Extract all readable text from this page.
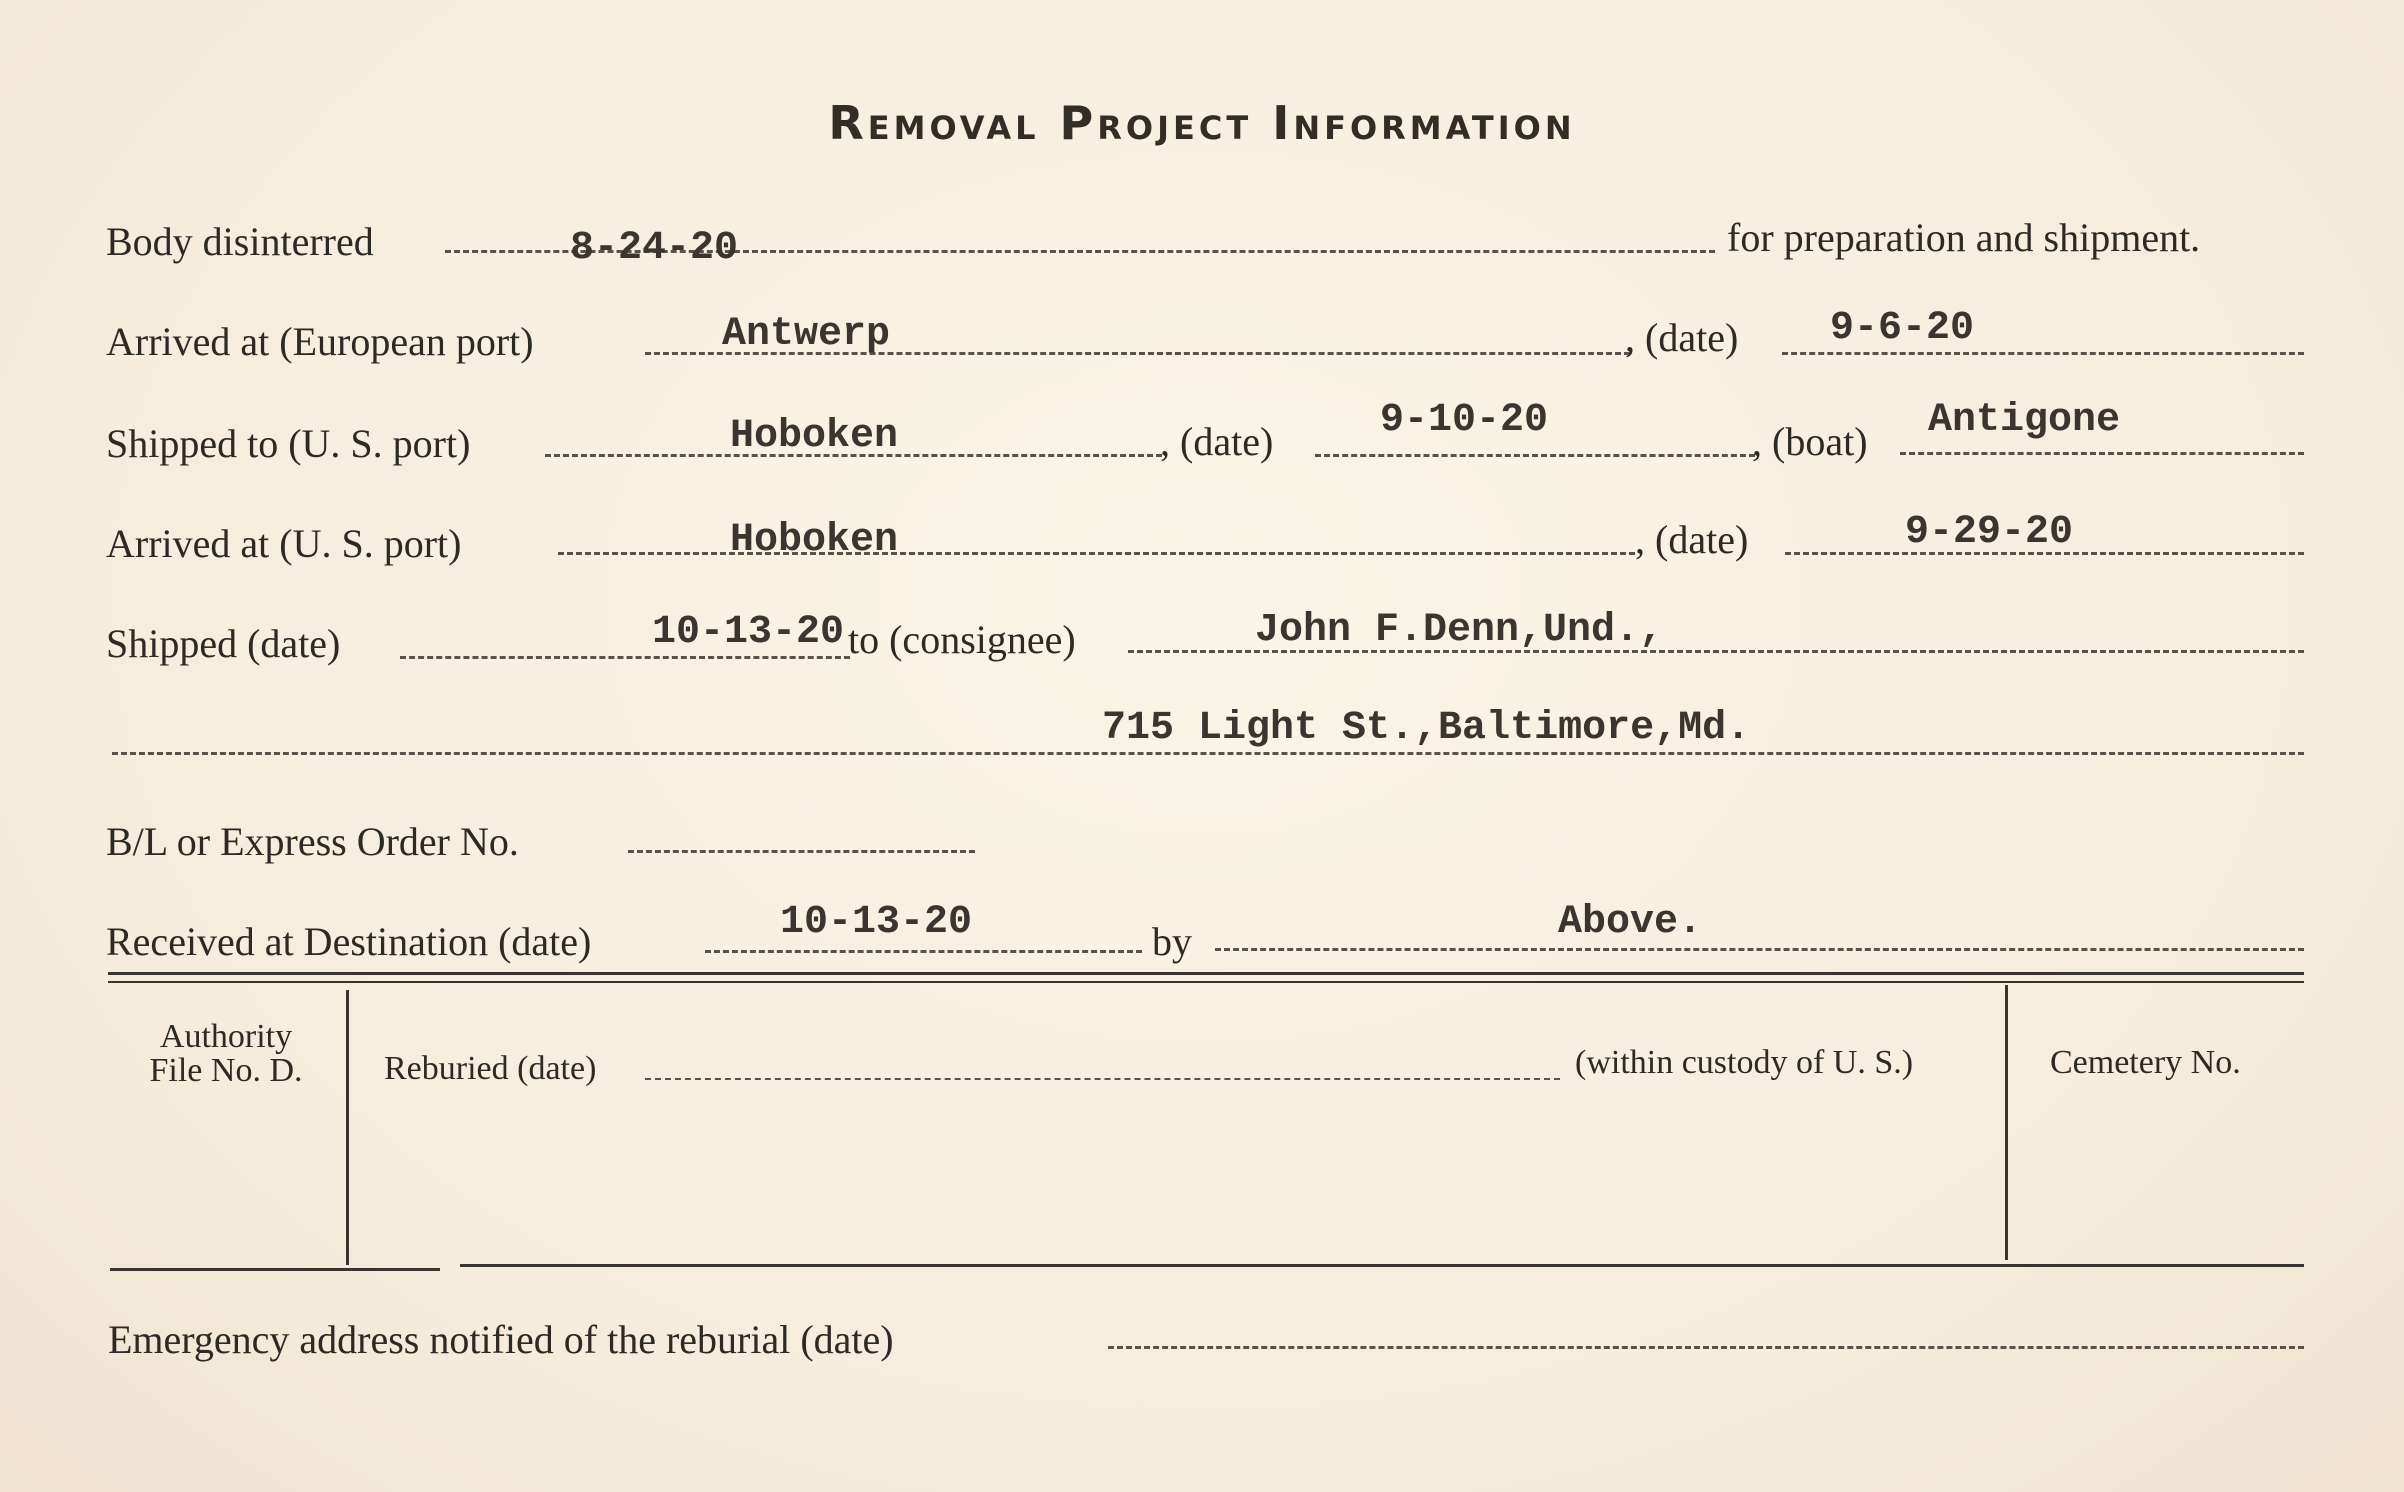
Removal Project Information
Body disinterred	8-24-20	for preparation and shipment.
Arrived at (European port)	Antwerp	, (date) 9-6-20
Shipped to (U. S. port)	Hoboken	, (date)	9-10-20	, (boat) Antigone
Arrived at (U. S. port)	Hoboken	, (date)	9-29-20
Shipped (date)	10-13-20 to (consignee)	John F.Denn,Und.,
715 Light St.,Baltimore,Md.
B/L or Express Order No.
Received at Destination (date)	10-13-20	by	Above.
Authority
File No. D.	Reburied (date)	(within custody of U. S.)	Cemetery No.
Emergency address notified of the reburial (date)
